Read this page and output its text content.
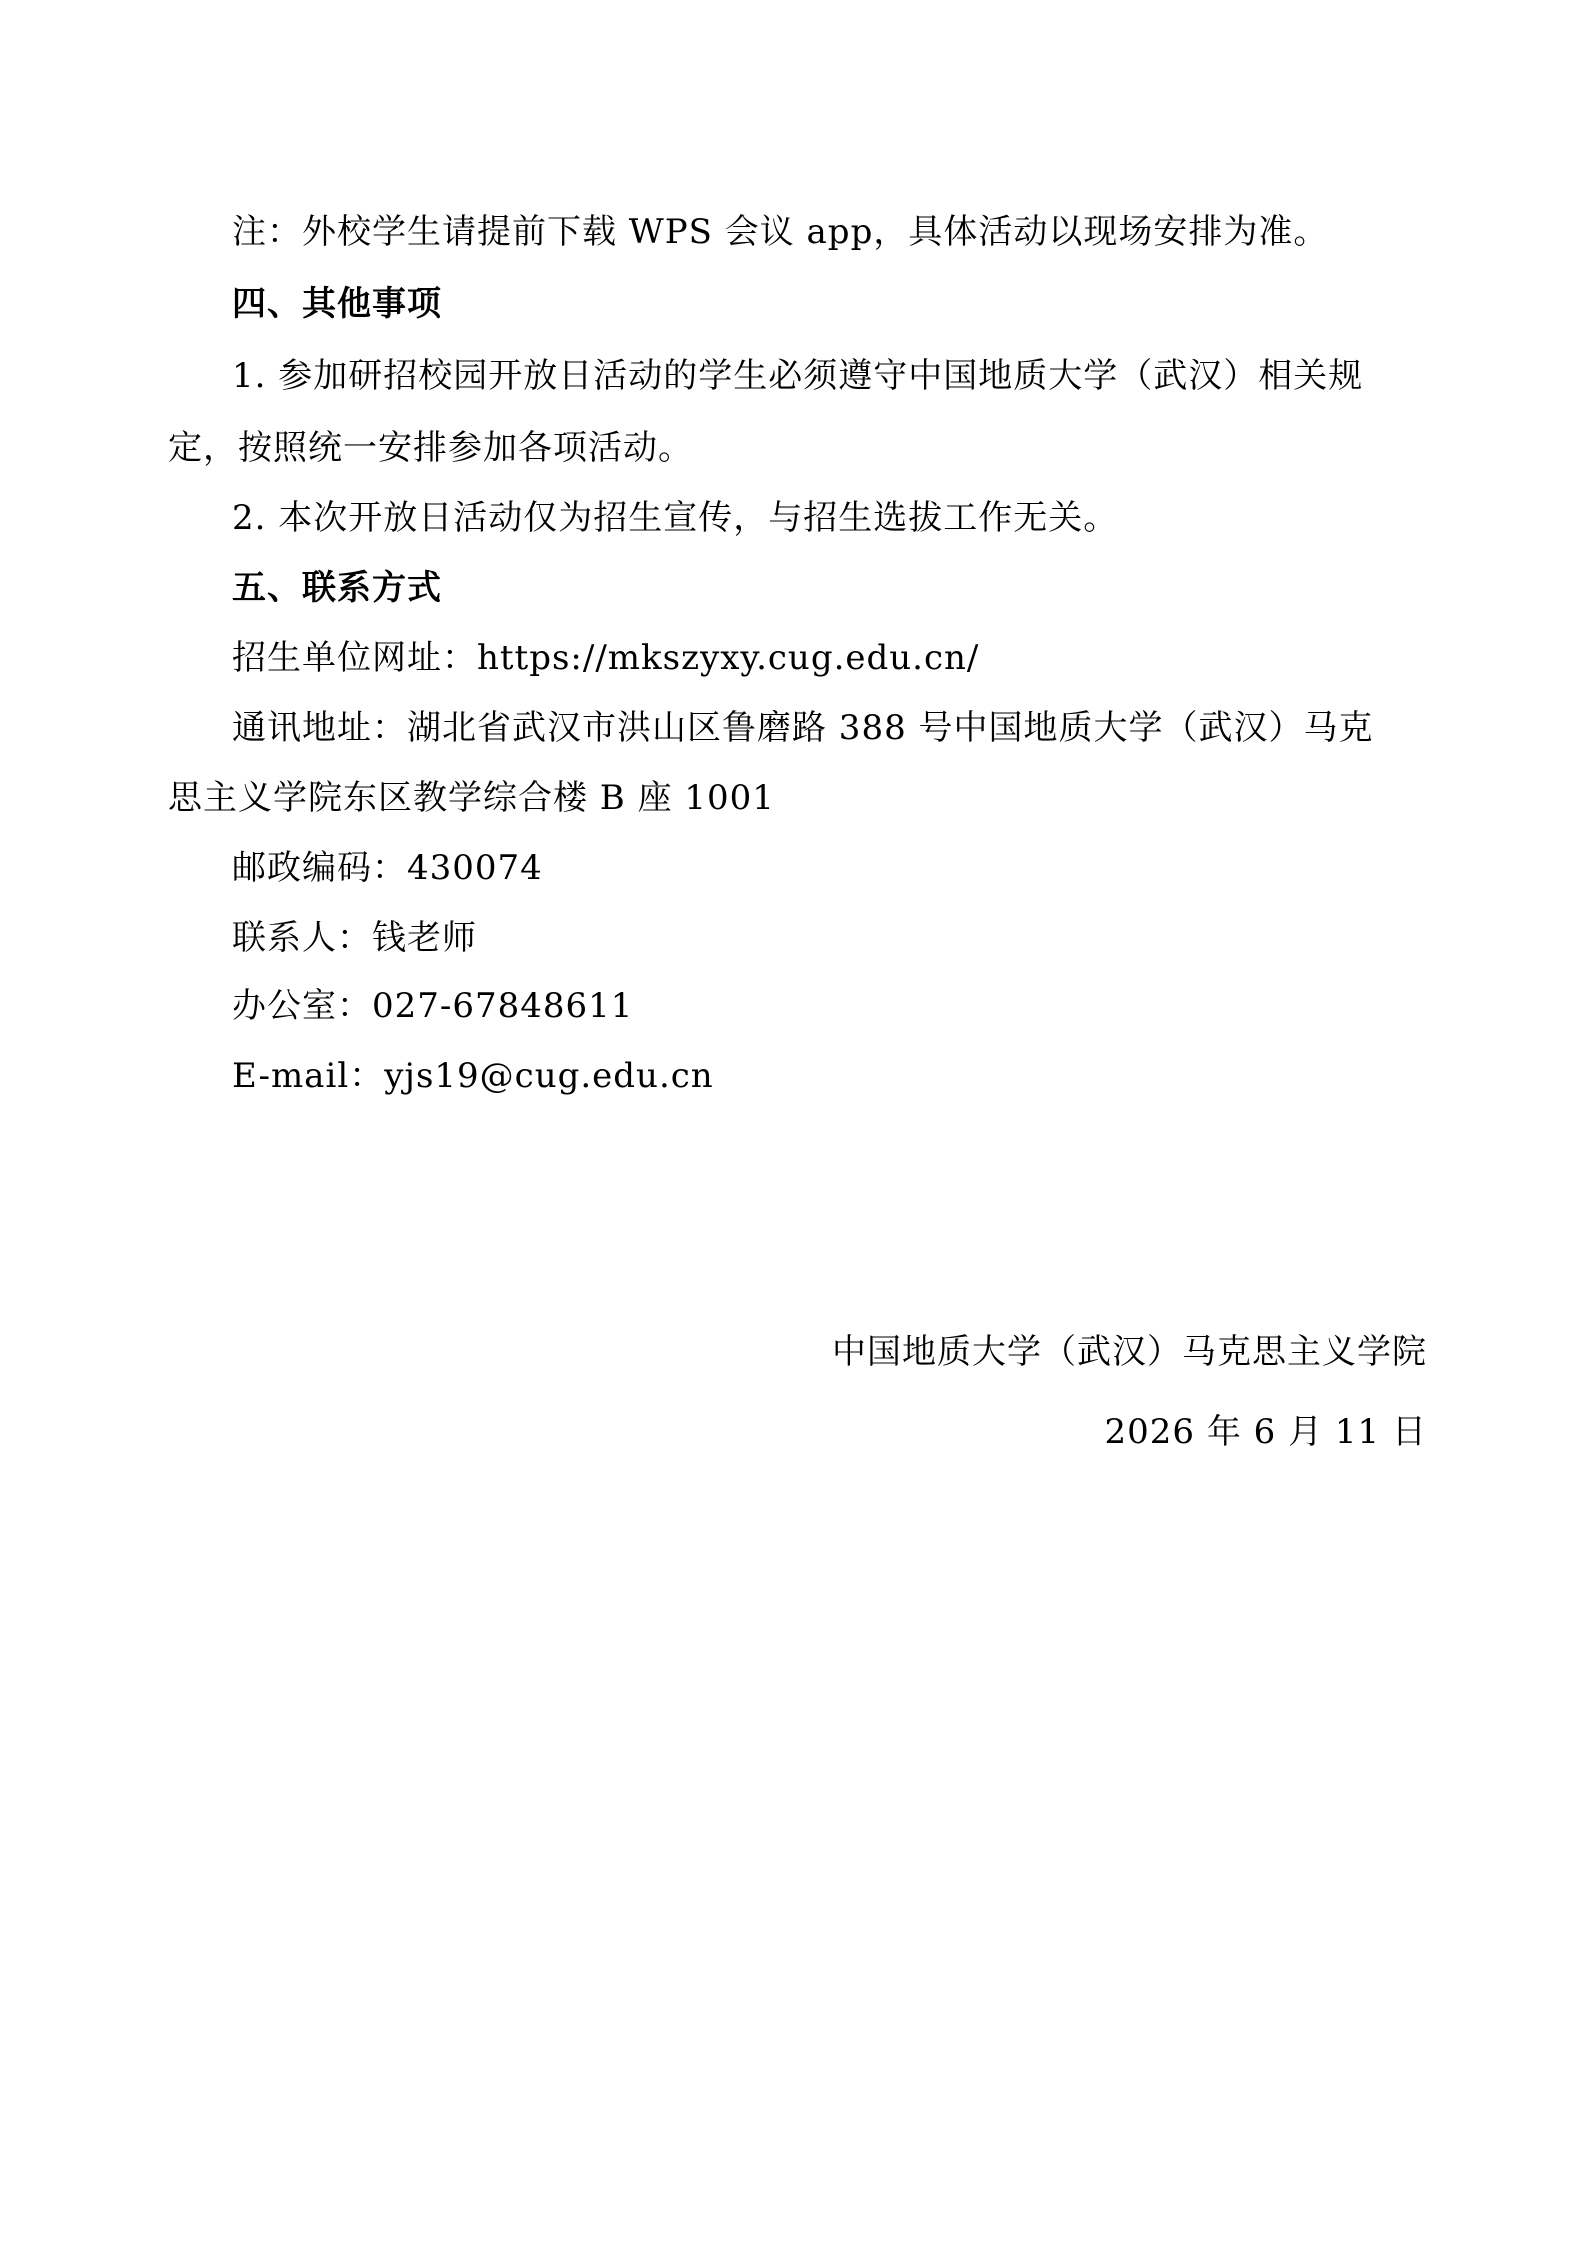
注：外校学生请提前下载 WPS 会议 app，具体活动以现场安排为准。
四、其他事项
1. 参加研招校园开放日活动的学生必须遵守中国地质大学（武汉）相关规
定，按照统一安排参加各项活动。
2. 本次开放日活动仅为招生宣传，与招生选拔工作无关。
五、联系方式
招生单位网址：https://mkszyxy.cug.edu.cn/
通讯地址：湖北省武汉市洪山区鲁磨路 388 号中国地质大学（武汉）马克
思主义学院东区教学综合楼 B 座 1001
邮政编码：430074
联系人：钱老师
办公室：027-67848611
E-mail：yjs19@cug.edu.cn
中国地质大学（武汉）马克思主义学院
2026 年 6 月 11 日
